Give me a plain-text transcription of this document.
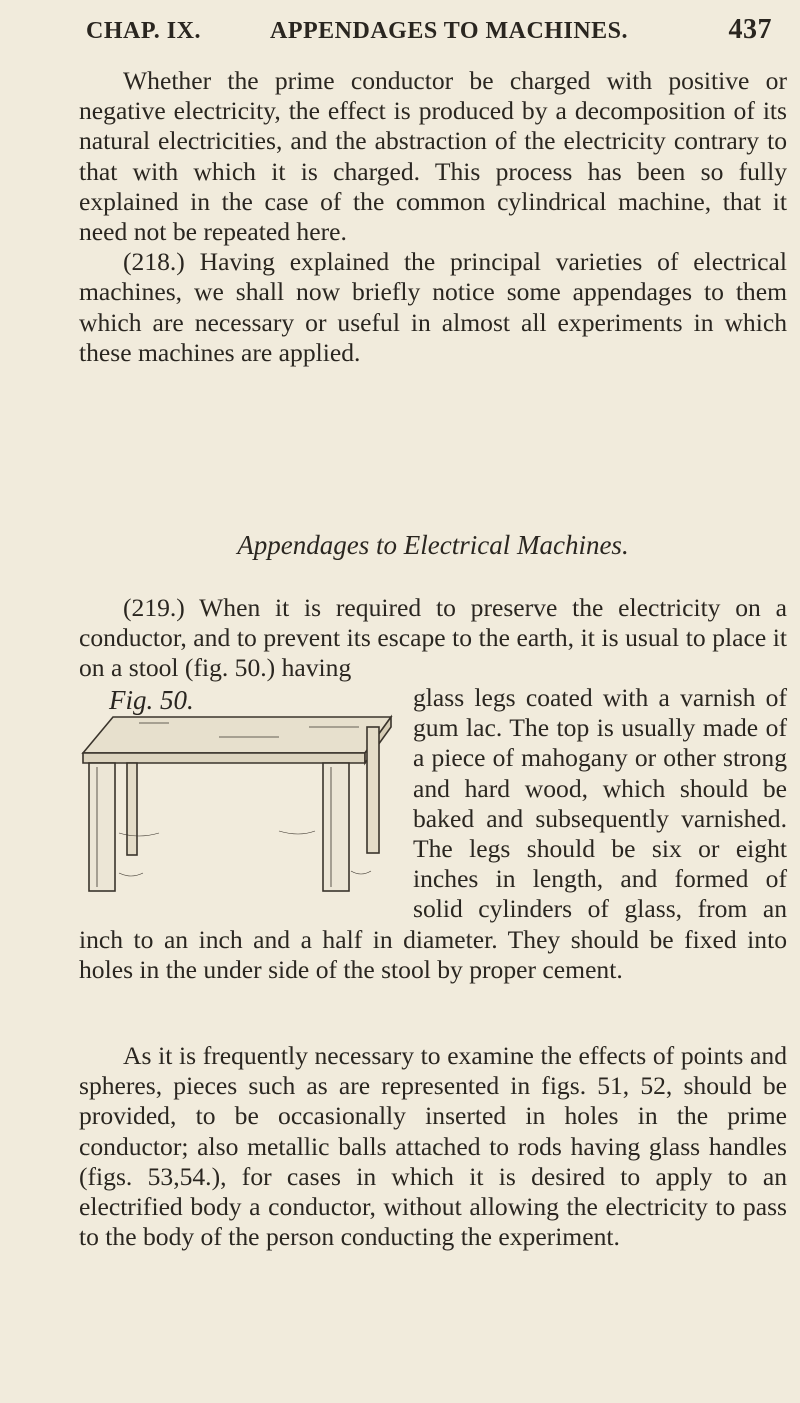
CHAP. IX.	APPENDAGES TO MACHINES.	437

Whether the prime conductor be charged with positive or negative electricity, the effect is produced by a decomposition of its natural electricities, and the abstraction of the electricity contrary to that with which it is charged. This process has been so fully explained in the case of the common cylindrical machine, that it need not be repeated here.

(218.) Having explained the principal varieties of electrical machines, we shall now briefly notice some appendages to them which are necessary or useful in almost all experiments in which these machines are applied.

Appendages to Electrical Machines.

(219.) When it is required to preserve the electricity on a conductor, and to prevent its escape to the earth, it is usual to place it on a stool (fig. 50.) having

Fig. 50.	glass legs coated with a varnish of gum lac. The top is usually made of a piece of mahogany or other strong and hard wood, which should be baked and subsequently varnished. The legs should be six or eight inches in length, and formed of solid cylinders of glass, from an inch to an inch and a half in diameter. They should be fixed into holes in the under side of the stool by proper cement.

As it is frequently necessary to examine the effects of points and spheres, pieces such as are represented in figs. 51, 52, should be provided, to be occasionally inserted in holes in the prime conductor; also metallic balls attached to rods having glass handles (figs. 53,54.), for cases in which it is desired to apply to an electrified body a conductor, without allowing the electricity to pass to the body of the person conducting the experiment.
